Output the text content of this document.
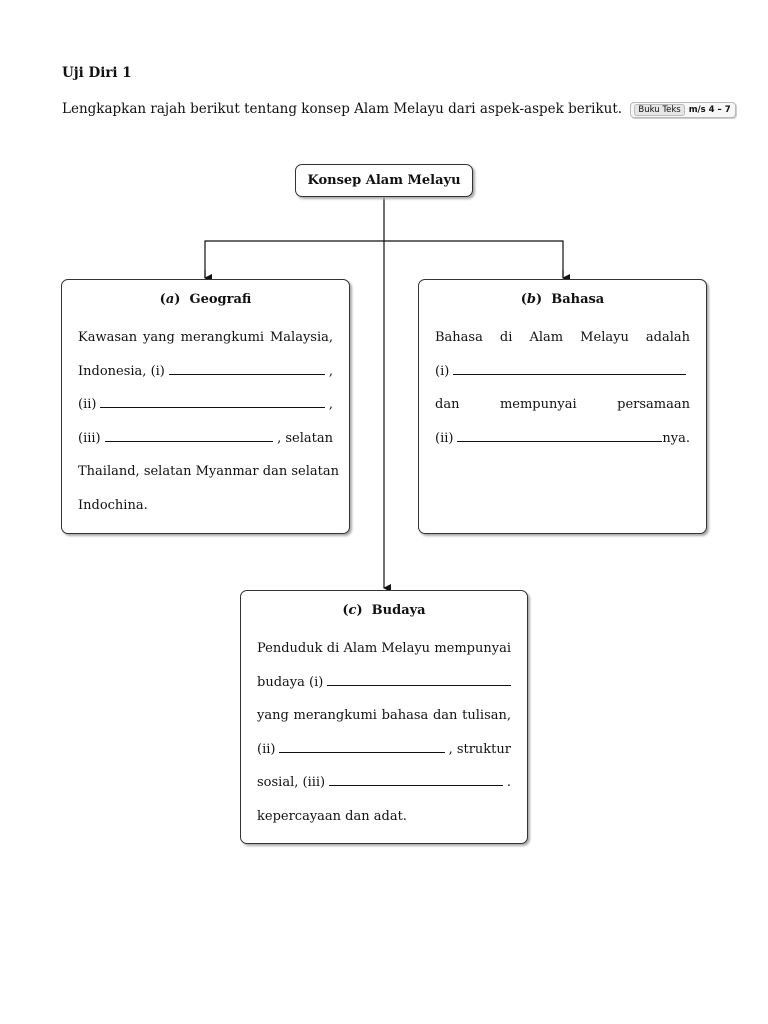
Uji Diri 1
Lengkapkan rajah berikut tentang konsep Alam Melayu dari aspek-aspek berikut. Buku Teks m/s 4 – 7
Konsep Alam Melayu
(a)  Geografi
Kawasan yang merangkumi Malaysia,
Indonesia, (i)	,
(ii)	,
(iii)	, selatan
Thailand, selatan Myanmar dan selatan
Indochina.
(b)  Bahasa
Bahasa di Alam Melayu adalah
(i)
dan mempunyai persamaan
(ii)	nya.
(c)  Budaya
Penduduk di Alam Melayu mempunyai
budaya (i)
yang merangkumi bahasa dan tulisan,
(ii)	, struktur
sosial, (iii)	.
kepercayaan dan adat.
